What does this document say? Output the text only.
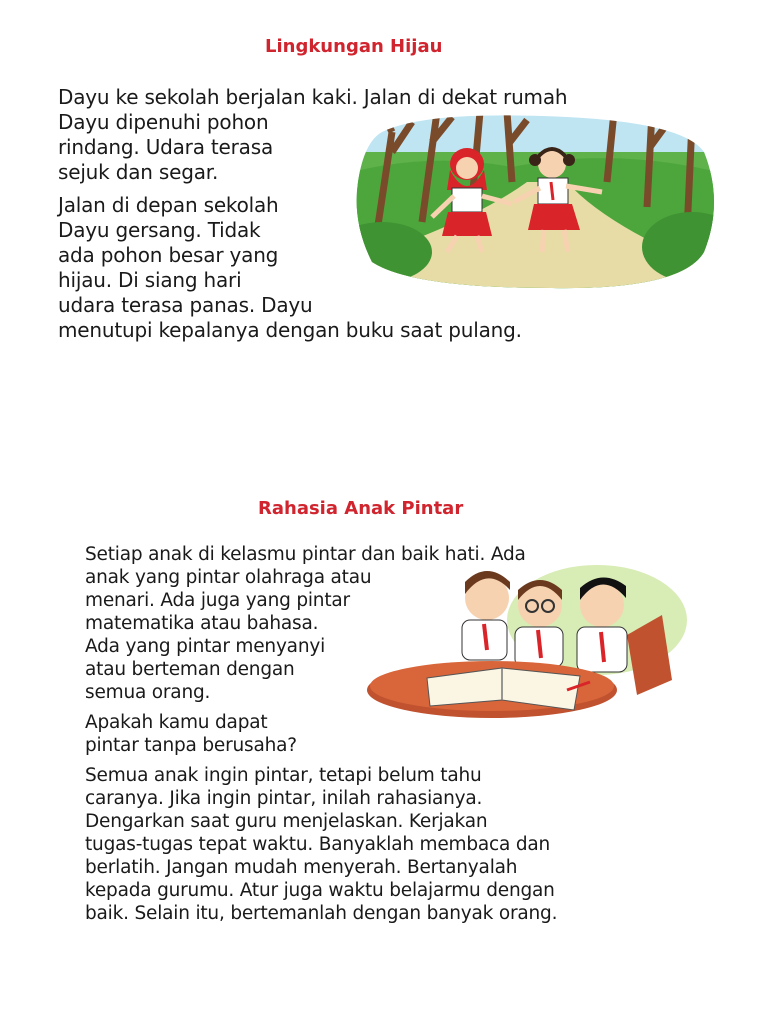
Lingkungan Hijau
Dayu ke sekolah berjalan kaki. Jalan di dekat rumah
Dayu dipenuhi pohon
rindang. Udara terasa
sejuk dan segar.
Jalan di depan sekolah
Dayu gersang. Tidak
ada pohon besar yang
hijau. Di siang hari
udara terasa panas. Dayu
menutupi kepalanya dengan buku saat pulang.
Rahasia Anak Pintar
Setiap anak di kelasmu pintar dan baik hati. Ada
anak yang pintar olahraga atau
menari. Ada juga yang pintar
matematika atau bahasa.
Ada yang pintar menyanyi
atau berteman dengan
semua orang.
Apakah kamu dapat
pintar tanpa berusaha?
Semua anak ingin pintar, tetapi belum tahu
caranya. Jika ingin pintar, inilah rahasianya.
Dengarkan saat guru menjelaskan. Kerjakan
tugas-tugas tepat waktu. Banyaklah membaca dan
berlatih. Jangan mudah menyerah. Bertanyalah
kepada gurumu. Atur juga waktu belajarmu dengan
baik. Selain itu, bertemanlah dengan banyak orang.
